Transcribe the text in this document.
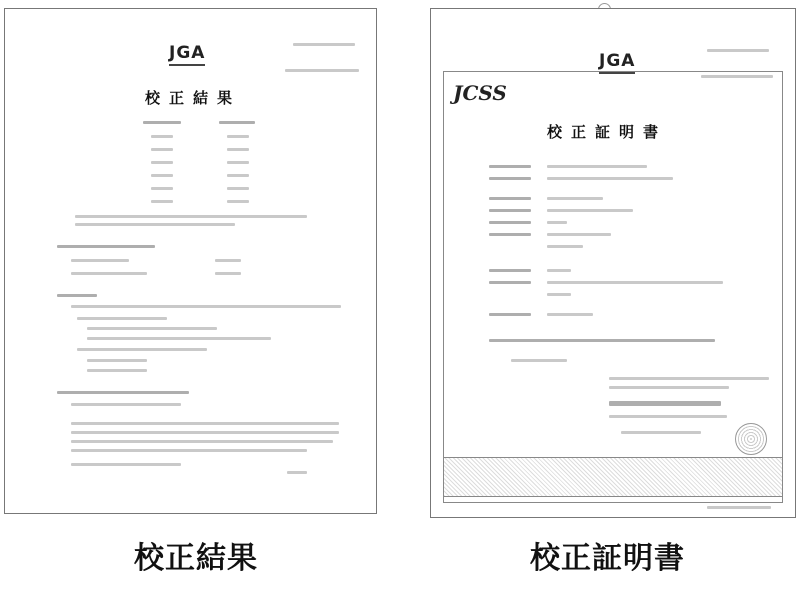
JGA
校正結果
JGA
JCSS
校正証明書
校正結果	校正証明書
